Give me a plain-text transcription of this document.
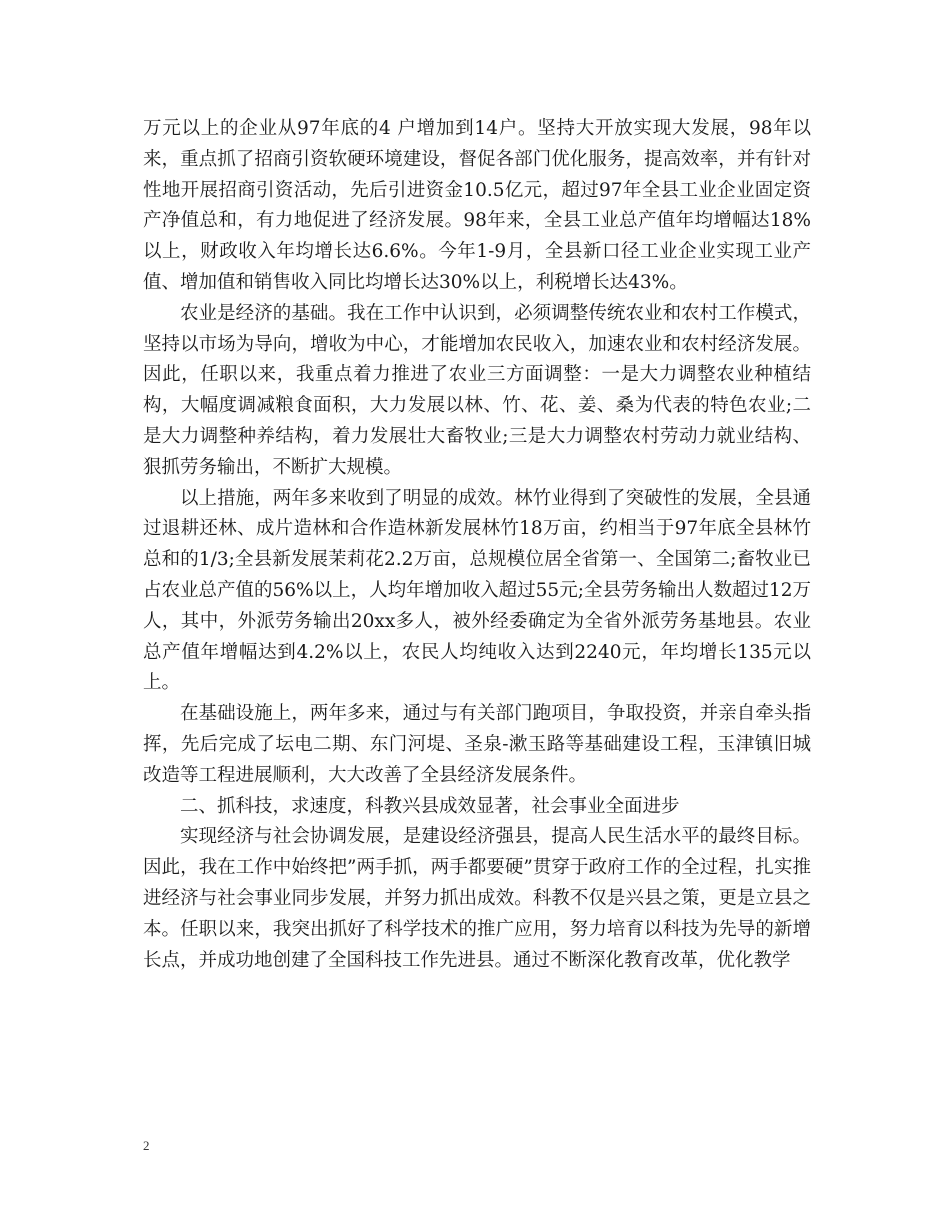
万元以上的企业从97年底的4 户增加到14户。坚持大开放实现大发展，98年以来，重点抓了招商引资软硬环境建设，督促各部门优化服务，提高效率，并有针对性地开展招商引资活动，先后引进资金10.5亿元，超过97年全县工业企业固定资产净值总和，有力地促进了经济发展。98年来，全县工业总产值年均增幅达18%以上，财政收入年均增长达6.6%。今年1-9月，全县新口径工业企业实现工业产值、增加值和销售收入同比均增长达30%以上，利税增长达43%。

农业是经济的基础。我在工作中认识到，必须调整传统农业和农村工作模式，坚持以市场为导向，增收为中心，才能增加农民收入，加速农业和农村经济发展。因此，任职以来，我重点着力推进了农业三方面调整：一是大力调整农业种植结构，大幅度调减粮食面积，大力发展以林、竹、花、姜、桑为代表的特色农业;二是大力调整种养结构，着力发展壮大畜牧业;三是大力调整农村劳动力就业结构、狠抓劳务输出，不断扩大规模。

以上措施，两年多来收到了明显的成效。林竹业得到了突破性的发展，全县通过退耕还林、成片造林和合作造林新发展林竹18万亩，约相当于97年底全县林竹总和的1/3;全县新发展茉莉花2.2万亩，总规模位居全省第一、全国第二;畜牧业已占农业总产值的56%以上，人均年增加收入超过55元;全县劳务输出人数超过12万人，其中，外派劳务输出20xx多人，被外经委确定为全省外派劳务基地县。农业总产值年增幅达到4.2%以上，农民人均纯收入达到2240元，年均增长135元以上。

在基础设施上，两年多来，通过与有关部门跑项目，争取投资，并亲自牵头指挥，先后完成了坛电二期、东门河堤、圣泉-漱玉路等基础建设工程，玉津镇旧城改造等工程进展顺利，大大改善了全县经济发展条件。

二、抓科技，求速度，科教兴县成效显著，社会事业全面进步

实现经济与社会协调发展，是建设经济强县，提高人民生活水平的最终目标。因此，我在工作中始终把”两手抓，两手都要硬”贯穿于政府工作的全过程，扎实推进经济与社会事业同步发展，并努力抓出成效。科教不仅是兴县之策，更是立县之本。任职以来，我突出抓好了科学技术的推广应用，努力培育以科技为先导的新增长点，并成功地创建了全国科技工作先进县。通过不断深化教育改革，优化教学

2
